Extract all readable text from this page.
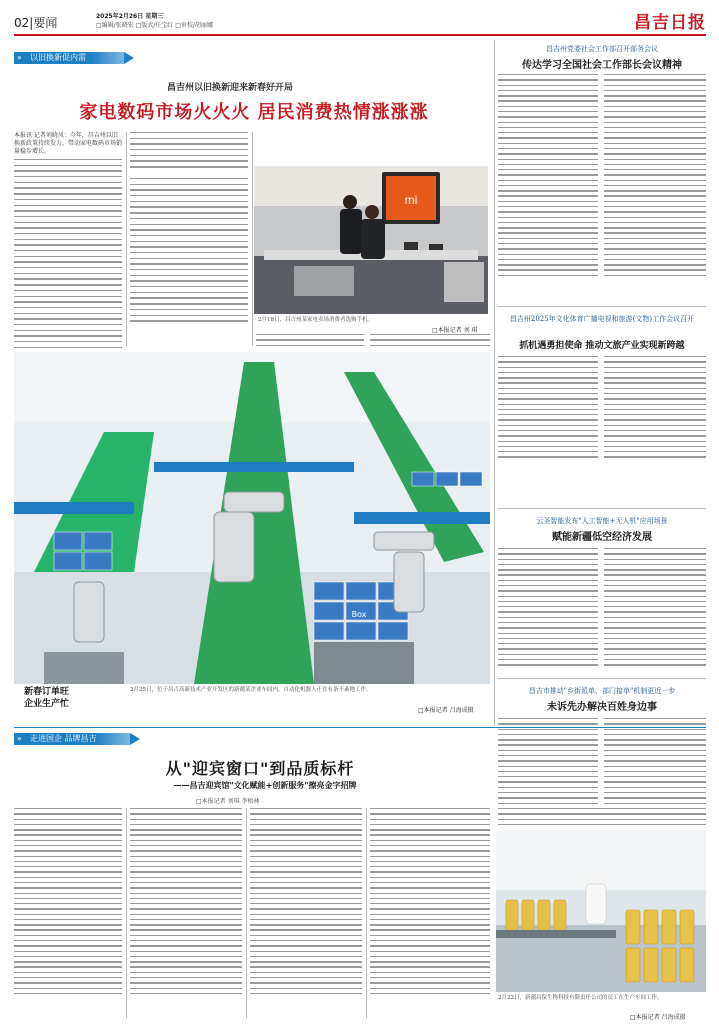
02|要闻	2025年2月26日 星期三
□编辑/张晓宏 □版式/任宝红 □审校/胡丽娜	昌吉日报
» 以旧换新促内需
昌吉州以旧换新迎来新春好开局
家电数码市场火火火 居民消费热情涨涨涨
本报讯 记者刘晓凤：今年，昌吉州以旧换新政策持续发力，带动家电数码市场销量稳步增长。
mi
2月18日，昌吉州某家电卖场消费者选购手机。
□本报记者 刘 琪
Box
新春订单旺
企业生产忙
2月25日，位于昌吉高新技术产业开发区的新疆某企业车间内，自动化机器人正在有条不紊地工作。
□本报记者 吕海成摄
昌吉州党委社会工作部召开部务会议
传达学习全国社会工作部长会议精神
昌吉州2025年文化体育广播电视和旅游(文物)工作会议召开
抓机遇勇担使命 推动文旅产业实现新跨越
云圣智能发布"人工智能+无人机"应用场景
赋能新疆低空经济发展
昌吉市推动"乡街派单、部门接单"机制更近一步
未诉先办解决百姓身边事
» 走进国企 品牌昌吉
从"迎宾窗口"到品质标杆
——昌吉迎宾馆"文化赋能+创新服务"擦亮金字招牌
□本报记者 刘琪 李梧林
2月22日，新疆昌保生物科技有限责任公司的员工在生产车间工作。
□本报记者 吕海成摄
